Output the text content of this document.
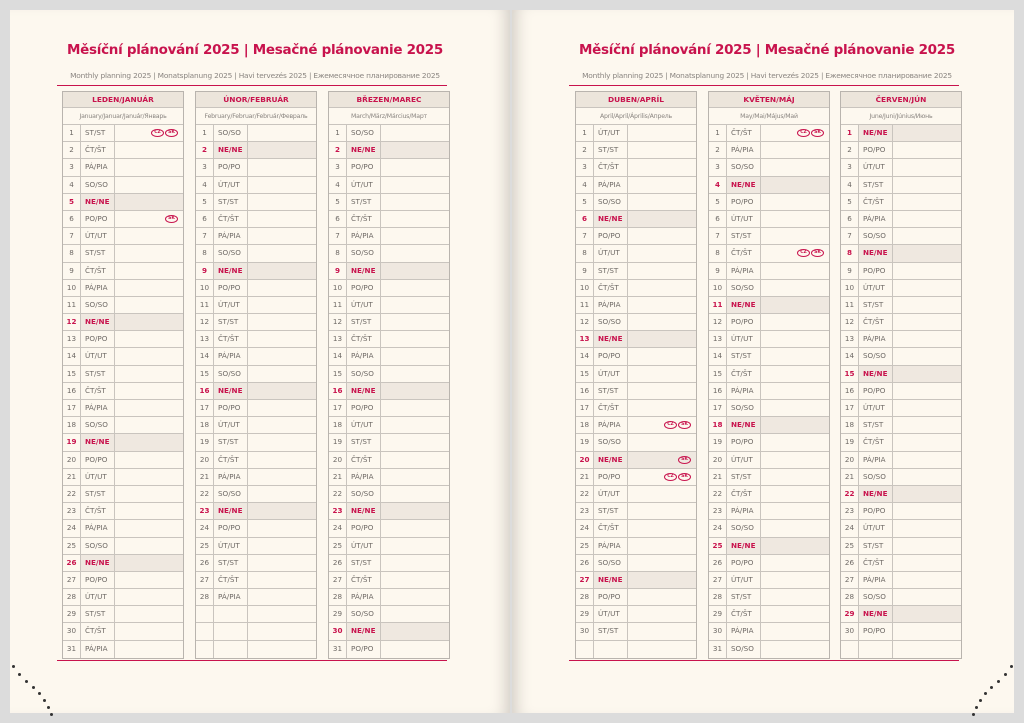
Měsíční plánování 2025 | Mesačné plánovanie 2025
Monthly planning 2025 | Monatsplanung 2025 | Havi tervezés 2025 | Ежемесячное планирование 2025
LEDEN/JANUÁR
January/Januar/Január/Январь
1	ST/ST	CZ	SK
2	ČT/ŠT
3	PÁ/PIA
4	SO/SO
5	NE/NE
6	PO/PO	SK
7	ÚT/UT
8	ST/ST
9	ČT/ŠT
10	PÁ/PIA
11	SO/SO
12	NE/NE
13	PO/PO
14	ÚT/UT
15	ST/ST
16	ČT/ŠT
17	PÁ/PIA
18	SO/SO
19	NE/NE
20	PO/PO
21	ÚT/UT
22	ST/ST
23	ČT/ŠT
24	PÁ/PIA
25	SO/SO
26	NE/NE
27	PO/PO
28	ÚT/UT
29	ST/ST
30	ČT/ŠT
31	PÁ/PIA
ÚNOR/FEBRUÁR
February/Februar/Február/Февраль
1	SO/SO
2	NE/NE
3	PO/PO
4	ÚT/UT
5	ST/ST
6	ČT/ŠT
7	PÁ/PIA
8	SO/SO
9	NE/NE
10	PO/PO
11	ÚT/UT
12	ST/ST
13	ČT/ŠT
14	PÁ/PIA
15	SO/SO
16	NE/NE
17	PO/PO
18	ÚT/UT
19	ST/ST
20	ČT/ŠT
21	PÁ/PIA
22	SO/SO
23	NE/NE
24	PO/PO
25	ÚT/UT
26	ST/ST
27	ČT/ŠT
28	PÁ/PIA
BŘEZEN/MAREC
March/März/Március/Март
1	SO/SO
2	NE/NE
3	PO/PO
4	ÚT/UT
5	ST/ST
6	ČT/ŠT
7	PÁ/PIA
8	SO/SO
9	NE/NE
10	PO/PO
11	ÚT/UT
12	ST/ST
13	ČT/ŠT
14	PÁ/PIA
15	SO/SO
16	NE/NE
17	PO/PO
18	ÚT/UT
19	ST/ST
20	ČT/ŠT
21	PÁ/PIA
22	SO/SO
23	NE/NE
24	PO/PO
25	ÚT/UT
26	ST/ST
27	ČT/ŠT
28	PÁ/PIA
29	SO/SO
30	NE/NE
31	PO/PO
Měsíční plánování 2025 | Mesačné plánovanie 2025
Monthly planning 2025 | Monatsplanung 2025 | Havi tervezés 2025 | Ежемесячное планирование 2025
DUBEN/APRÍL
April/April/Április/Апрель
1	ÚT/UT
2	ST/ST
3	ČT/ŠT
4	PÁ/PIA
5	SO/SO
6	NE/NE
7	PO/PO
8	ÚT/UT
9	ST/ST
10	ČT/ŠT
11	PÁ/PIA
12	SO/SO
13	NE/NE
14	PO/PO
15	ÚT/UT
16	ST/ST
17	ČT/ŠT
18	PÁ/PIA	CZ	SK
19	SO/SO
20	NE/NE	SK
21	PO/PO	CZ	SK
22	ÚT/UT
23	ST/ST
24	ČT/ŠT
25	PÁ/PIA
26	SO/SO
27	NE/NE
28	PO/PO
29	ÚT/UT
30	ST/ST
KVĚTEN/MÁJ
May/Mai/Május/Май
1	ČT/ŠT	CZ	SK
2	PÁ/PIA
3	SO/SO
4	NE/NE
5	PO/PO
6	ÚT/UT
7	ST/ST
8	ČT/ŠT	CZ	SK
9	PÁ/PIA
10	SO/SO
11	NE/NE
12	PO/PO
13	ÚT/UT
14	ST/ST
15	ČT/ŠT
16	PÁ/PIA
17	SO/SO
18	NE/NE
19	PO/PO
20	ÚT/UT
21	ST/ST
22	ČT/ŠT
23	PÁ/PIA
24	SO/SO
25	NE/NE
26	PO/PO
27	ÚT/UT
28	ST/ST
29	ČT/ŠT
30	PÁ/PIA
31	SO/SO
ČERVEN/JÚN
June/Juni/Június/Июнь
1	NE/NE
2	PO/PO
3	ÚT/UT
4	ST/ST
5	ČT/ŠT
6	PÁ/PIA
7	SO/SO
8	NE/NE
9	PO/PO
10	ÚT/UT
11	ST/ST
12	ČT/ŠT
13	PÁ/PIA
14	SO/SO
15	NE/NE
16	PO/PO
17	ÚT/UT
18	ST/ST
19	ČT/ŠT
20	PÁ/PIA
21	SO/SO
22	NE/NE
23	PO/PO
24	ÚT/UT
25	ST/ST
26	ČT/ŠT
27	PÁ/PIA
28	SO/SO
29	NE/NE
30	PO/PO
